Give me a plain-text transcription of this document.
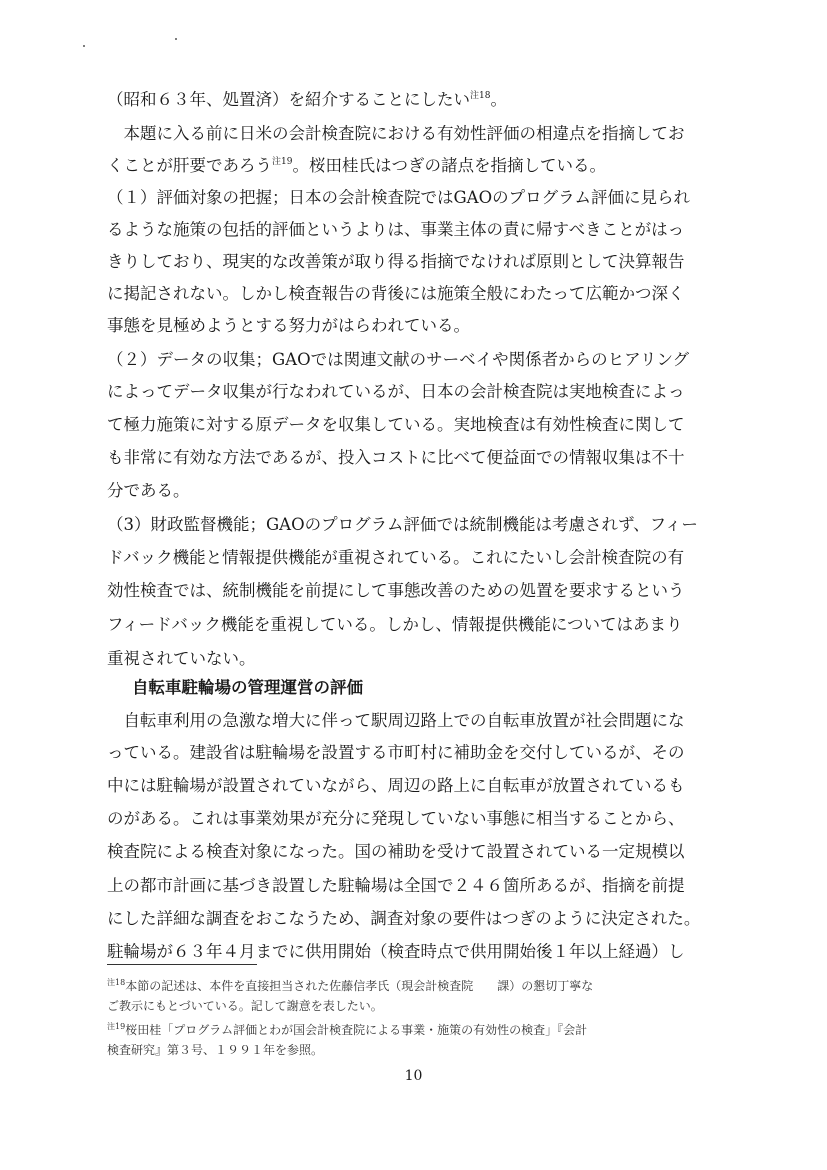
（昭和６３年、処置済）を紹介することにしたい$^{注18}$。
　本題に入る前に日米の会計検査院における有効性評価の相違点を指摘してお
くことが肝要であろう$^{注19}$。桜田桂氏はつぎの諸点を指摘している。
（１）評価対象の把握；日本の会計検査院ではGAOのプログラム評価に見られ
るような施策の包括的評価というよりは、事業主体の責に帰すべきことがはっ
きりしており、現実的な改善策が取り得る指摘でなければ原則として決算報告
に掲記されない。しかし検査報告の背後には施策全般にわたって広範かつ深く
事態を見極めようとする努力がはらわれている。
（２）データの収集；GAOでは関連文献のサーベイや関係者からのヒアリング
によってデータ収集が行なわれているが、日本の会計検査院は実地検査によっ
て極力施策に対する原データを収集している。実地検査は有効性検査に関して
も非常に有効な方法であるが、投入コストに比べて便益面での情報収集は不十
分である。
（3）財政監督機能；GAOのプログラム評価では統制機能は考慮されず、フィー
ドバック機能と情報提供機能が重視されている。これにたいし会計検査院の有
効性検査では、統制機能を前提にして事態改善のための処置を要求するという
フィードバック機能を重視している。しかし、情報提供機能についてはあまり
重視されていない。
自転車駐輪場の管理運営の評価
　自転車利用の急激な増大に伴って駅周辺路上での自転車放置が社会問題にな
っている。建設省は駐輪場を設置する市町村に補助金を交付しているが、その
中には駐輪場が設置されていながら、周辺の路上に自転車が放置されているも
のがある。これは事業効果が充分に発現していない事態に相当することから、
検査院による検査対象になった。国の補助を受けて設置されている一定規模以
上の都市計画に基づき設置した駐輪場は全国で２４６箇所あるが、指摘を前提
にした詳細な調査をおこなうため、調査対象の要件はつぎのように決定された。
駐輪場が６３年４月までに供用開始（検査時点で供用開始後１年以上経過）し
$^{注18}$本節の記述は、本件を直接担当された佐藤信孝氏（現会計検査院　　課）の懇切丁寧な
ご教示にもとづいている。記して謝意を表したい。
$^{注19}$桜田桂「プログラム評価とわが国会計検査院による事業・施策の有効性の検査」『会計
検査研究』第３号、１９９１年を参照。
10
